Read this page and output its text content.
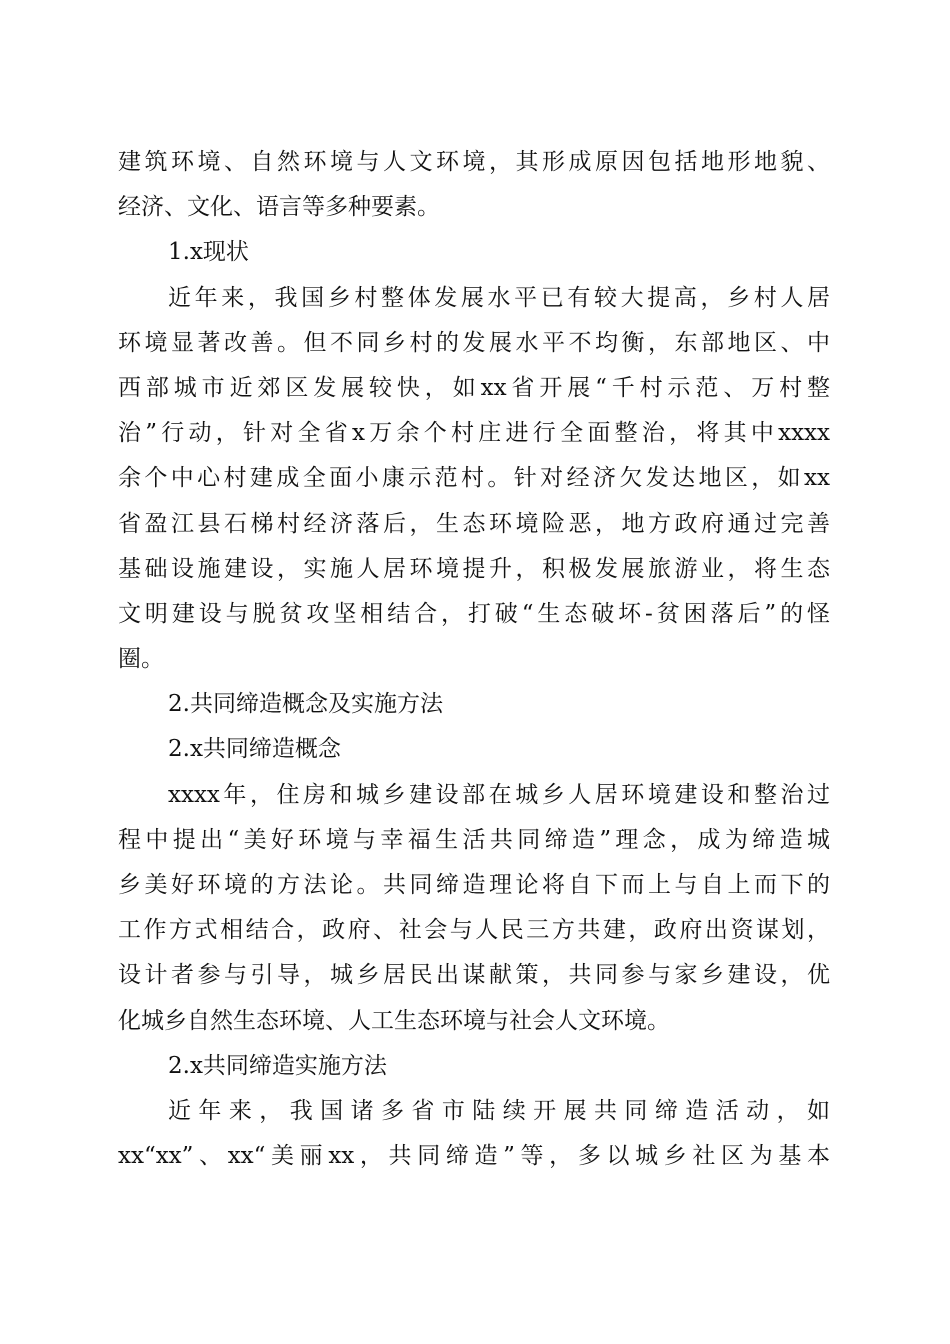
建筑环境、自然环境与人文环境，其形成原因包括地形地貌、
经济、文化、语言等多种要素。
1.x现状
近年来，我国乡村整体发展水平已有较大提高，乡村人居
环境显著改善。但不同乡村的发展水平不均衡，东部地区、中
西部城市近郊区发展较快，如xx省开展“千村示范、万村整
治”行动，针对全省x万余个村庄进行全面整治，将其中xxxx
余个中心村建成全面小康示范村。针对经济欠发达地区，如xx
省盈江县石梯村经济落后，生态环境险恶，地方政府通过完善
基础设施建设，实施人居环境提升，积极发展旅游业，将生态
文明建设与脱贫攻坚相结合，打破“生态破坏-贫困落后”的怪
圈。
2.共同缔造概念及实施方法
2.x共同缔造概念
xxxx年，住房和城乡建设部在城乡人居环境建设和整治过
程中提出“美好环境与幸福生活共同缔造”理念，成为缔造城
乡美好环境的方法论。共同缔造理论将自下而上与自上而下的
工作方式相结合，政府、社会与人民三方共建，政府出资谋划，
设计者参与引导，城乡居民出谋献策，共同参与家乡建设，优
化城乡自然生态环境、人工生态环境与社会人文环境。
2.x共同缔造实施方法
近年来，我国诸多省市陆续开展共同缔造活动，如
xx“xx”、xx“美丽xx，共同缔造”等，多以城乡社区为基本
